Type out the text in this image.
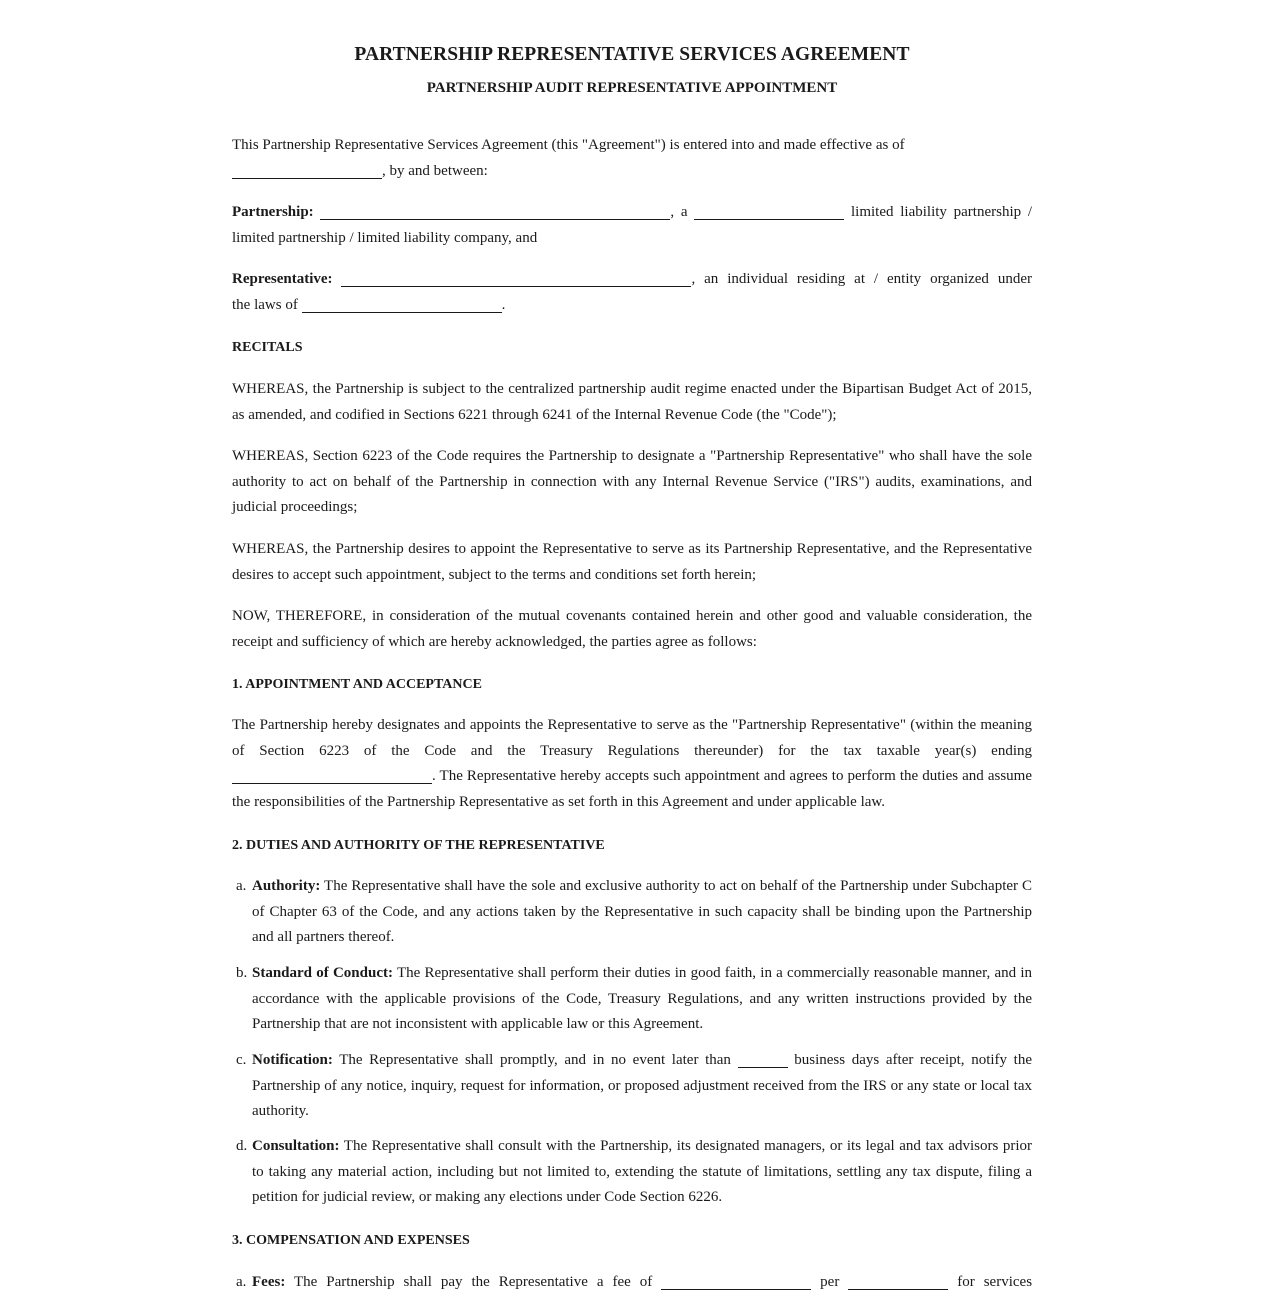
PARTNERSHIP REPRESENTATIVE SERVICES AGREEMENT
PARTNERSHIP AUDIT REPRESENTATIVE APPOINTMENT
This Partnership Representative Services Agreement (this "Agreement") is entered into and made effective as of
, by and between:
Partnership:	, a	limited liability partnership /
limited partnership / limited liability company, and
Representative:	, an individual residing at / entity organized under
the laws of	.
RECITALS
WHEREAS, the Partnership is subject to the centralized partnership audit regime enacted under the Bipartisan Budget Act of 2015, as amended, and codified in Sections 6221 through 6241 of the Internal Revenue Code (the "Code");
WHEREAS, Section 6223 of the Code requires the Partnership to designate a "Partnership Representative" who shall have the sole authority to act on behalf of the Partnership in connection with any Internal Revenue Service ("IRS") audits, examinations, and judicial proceedings;
WHEREAS, the Partnership desires to appoint the Representative to serve as its Partnership Representative, and the Representative desires to accept such appointment, subject to the terms and conditions set forth herein;
NOW, THEREFORE, in consideration of the mutual covenants contained herein and other good and valuable consideration, the receipt and sufficiency of which are hereby acknowledged, the parties agree as follows:
1. APPOINTMENT AND ACCEPTANCE
The Partnership hereby designates and appoints the Representative to serve as the "Partnership Representative" (within the meaning of Section 6223 of the Code and the Treasury Regulations thereunder) for the tax taxable year(s) ending . The Representative hereby accepts such appointment and agrees to perform the duties and assume the responsibilities of the Partnership Representative as set forth in this Agreement and under applicable law.
2. DUTIES AND AUTHORITY OF THE REPRESENTATIVE
a. Authority: The Representative shall have the sole and exclusive authority to act on behalf of the Partnership under Subchapter C of Chapter 63 of the Code, and any actions taken by the Representative in such capacity shall be binding upon the Partnership and all partners thereof.
b. Standard of Conduct: The Representative shall perform their duties in good faith, in a commercially reasonable manner, and in accordance with the applicable provisions of the Code, Treasury Regulations, and any written instructions provided by the Partnership that are not inconsistent with applicable law or this Agreement.
c. Notification: The Representative shall promptly, and in no event later than	business days after receipt, notify the Partnership of any notice, inquiry, request for information, or proposed adjustment received from the IRS or any state or local tax authority.
d. Consultation: The Representative shall consult with the Partnership, its designated managers, or its legal and tax advisors prior to taking any material action, including but not limited to, extending the statute of limitations, settling any tax dispute, filing a petition for judicial review, or making any elections under Code Section 6226.
3. COMPENSATION AND EXPENSES
a. Fees: The Partnership shall pay the Representative a fee of	per	for services
